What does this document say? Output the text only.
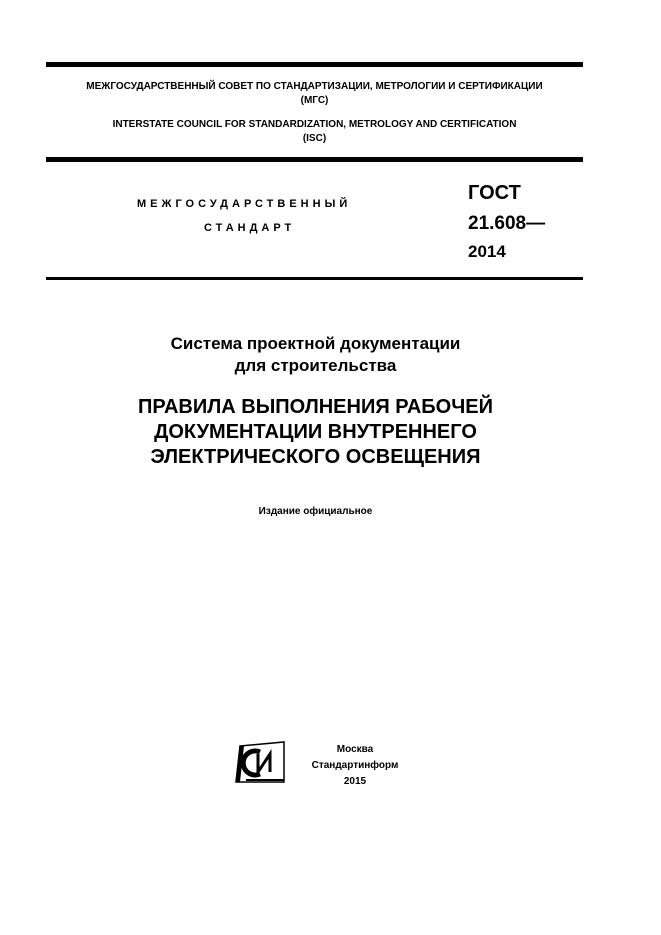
МЕЖГОСУДАРСТВЕННЫЙ СОВЕТ ПО СТАНДАРТИЗАЦИИ, МЕТРОЛОГИИ И СЕРТИФИКАЦИИ
(МГС)
INTERSTATE COUNCIL FOR STANDARDIZATION, METROLOGY AND CERTIFICATION
(ISC)
МЕЖГОСУДАРСТВЕННЫЙ
СТАНДАРТ
ГОСТ
21.608—
2014
Система проектной документации
для строительства
ПРАВИЛА ВЫПОЛНЕНИЯ РАБОЧЕЙ
ДОКУМЕНТАЦИИ ВНУТРЕННЕГО
ЭЛЕКТРИЧЕСКОГО ОСВЕЩЕНИЯ
Издание официальное
Москва
Стандартинформ
2015
